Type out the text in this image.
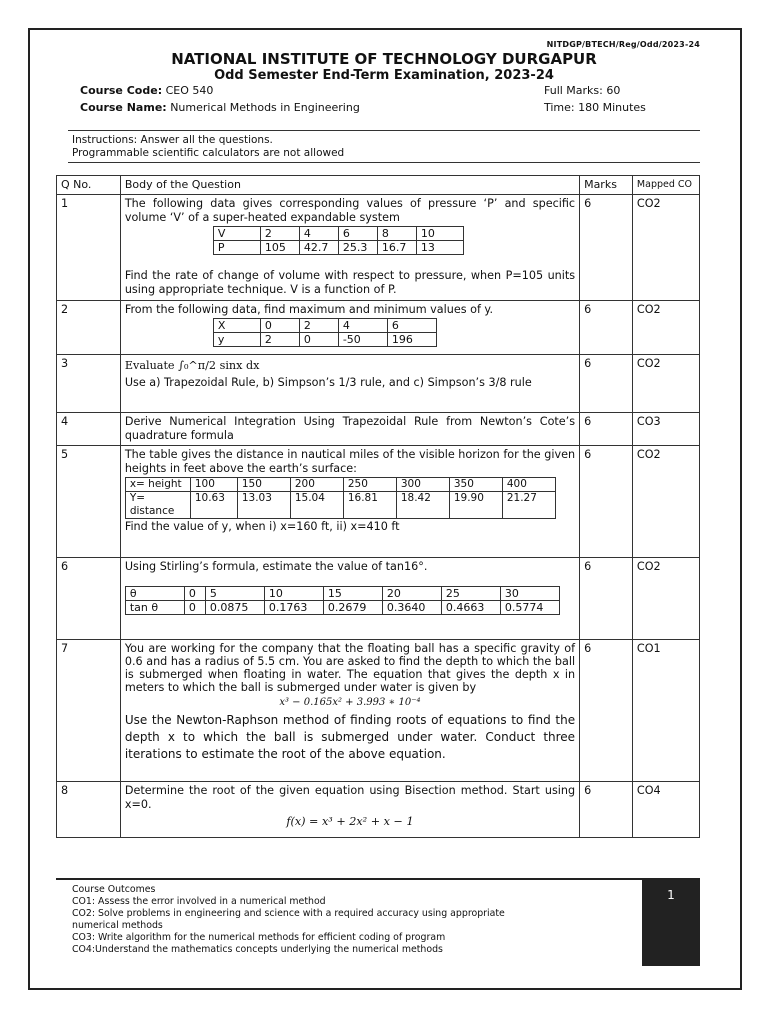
NITDGP/BTECH/Reg/Odd/2023-24
NATIONAL INSTITUTE OF TECHNOLOGY DURGAPUR
Odd Semester End-Term Examination, 2023-24
Course Code: CEO 540
Course Name: Numerical Methods in Engineering
Full Marks: 60
Time: 180 Minutes
Instructions: Answer all the questions.
Programmable scientific calculators are not allowed
Q No.	Body of the Question	Marks	Mapped CO
1	The following data gives corresponding values of pressure ‘P’ and specific volume ‘V’ of a super-heated expandable system
V	2	4	6	8	10
P	105	42.7	25.3	16.7	13
Find the rate of change of volume with respect to pressure, when P=105 units using appropriate technique. V is a function of P.
	6	CO2
2	From the following data, find maximum and minimum values of y.
X	0	2	4	6
y	2	0	-50	196
	6	CO2
3	Evaluate ∫₀^π/2 sinx dx
Use a) Trapezoidal Rule, b) Simpson’s 1/3 rule, and c) Simpson’s 3/8 rule
	6	CO2
4	Derive Numerical Integration Using Trapezoidal Rule from Newton’s Cote’s quadrature formula	6	CO3
5	The table gives the distance in nautical miles of the visible horizon for the given heights in feet above the earth’s surface:
x= height	100	150	200	250	300	350	400
Y= distance	10.63	13.03	15.04	16.81	18.42	19.90	21.27
Find the value of y, when i) x=160 ft, ii) x=410 ft
	6	CO2
6	Using Stirling’s formula, estimate the value of tan16°.
θ	0	5	10	15	20	25	30
tan θ	0	0.0875	0.1763	0.2679	0.3640	0.4663	0.5774
	6	CO2
7	You are working for the company that the floating ball has a specific gravity of 0.6 and has a radius of 5.5 cm. You are asked to find the depth to which the ball is submerged when floating in water. The equation that gives the depth x in meters to which the ball is submerged under water is given by
x³ − 0.165x² + 3.993 ∗ 10⁻⁴
Use the Newton-Raphson method of finding roots of equations to find the depth x to which the ball is submerged under water. Conduct three iterations to estimate the root of the above equation.
	6	CO1
8	Determine the root of the given equation using Bisection method. Start using x=0.
f(x) = x³ + 2x² + x − 1
	6	CO4
Course Outcomes
CO1: Assess the error involved in a numerical method
CO2: Solve problems in engineering and science with a required accuracy using appropriate numerical methods
CO3: Write algorithm for the numerical methods for efficient coding of program
CO4:Understand the mathematics concepts underlying the numerical methods
1
